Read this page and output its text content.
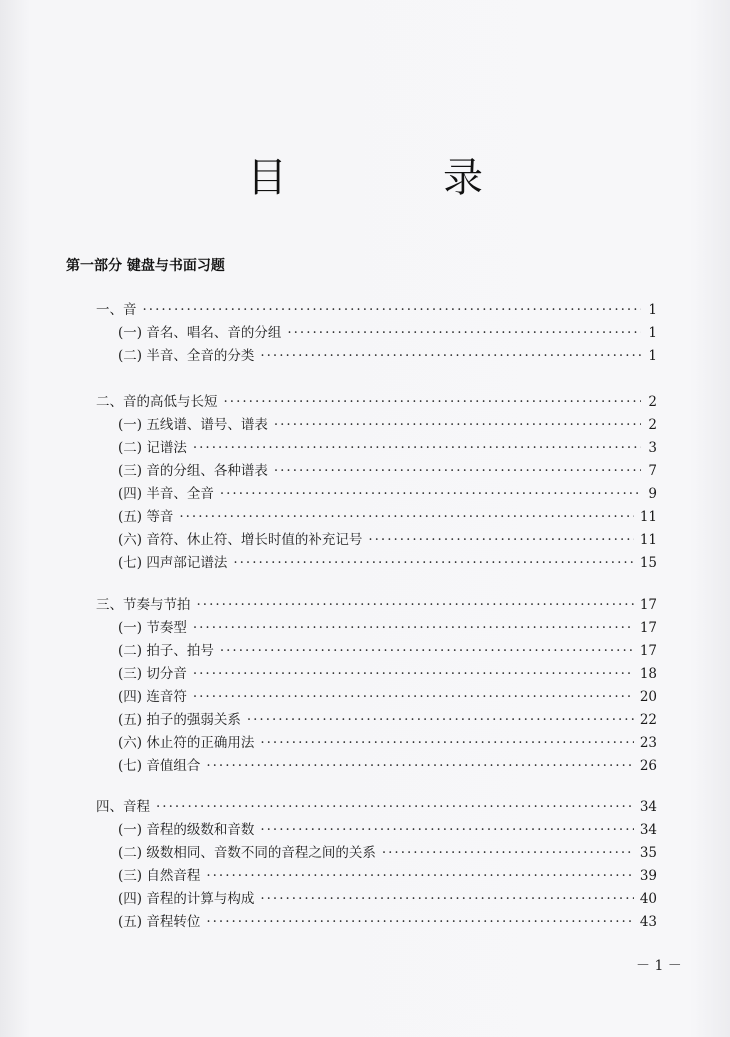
目　录
第一部分 键盘与书面习题
一、音 ·····	1
(一) 音名、唱名、音的分组 ·····	1
(二) 半音、全音的分类 ·····	1
二、音的高低与长短 ·····	2
(一) 五线谱、谱号、谱表 ·····	2
(二) 记谱法 ·····	3
(三) 音的分组、各种谱表 ·····	7
(四) 半音、全音 ·····	9
(五) 等音 ·····	11
(六) 音符、休止符、增长时值的补充记号 ·····	11
(七) 四声部记谱法 ·····	15
三、节奏与节拍 ·····	17
(一) 节奏型 ·····	17
(二) 拍子、拍号 ·····	17
(三) 切分音 ·····	18
(四) 连音符 ·····	20
(五) 拍子的强弱关系 ·····	22
(六) 休止符的正确用法 ·····	23
(七) 音值组合 ·····	26
四、音程 ·····	34
(一) 音程的级数和音数 ·····	34
(二) 级数相同、音数不同的音程之间的关系 ·····	35
(三) 自然音程 ·····	39
(四) 音程的计算与构成 ·····	40
(五) 音程转位 ·····	43
－ 1 －
